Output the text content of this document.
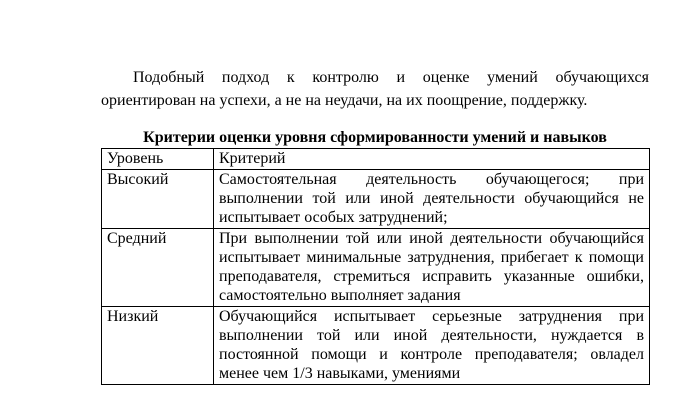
Подобный подход к контролю и оценке умений обучающихся ориентирован на успехи, а не на неудачи, на их поощрение, поддержку.

Критерии оценки уровня сформированности умений и навыков

Уровень	Критерий
Высокий	Самостоятельная деятельность обучающегося; при выполнении той или иной деятельности обучающийся не испытывает особых затруднений;
Средний	При выполнении той или иной деятельности обучающийся испытывает минимальные затруднения, прибегает к помощи преподавателя, стремиться исправить указанные ошибки, самостоятельно выполняет задания
Низкий	Обучающийся испытывает серьезные затруднения при выполнении той или иной деятельности, нуждается в постоянной помощи и контроле преподавателя; овладел менее чем 1/3 навыками, умениями
